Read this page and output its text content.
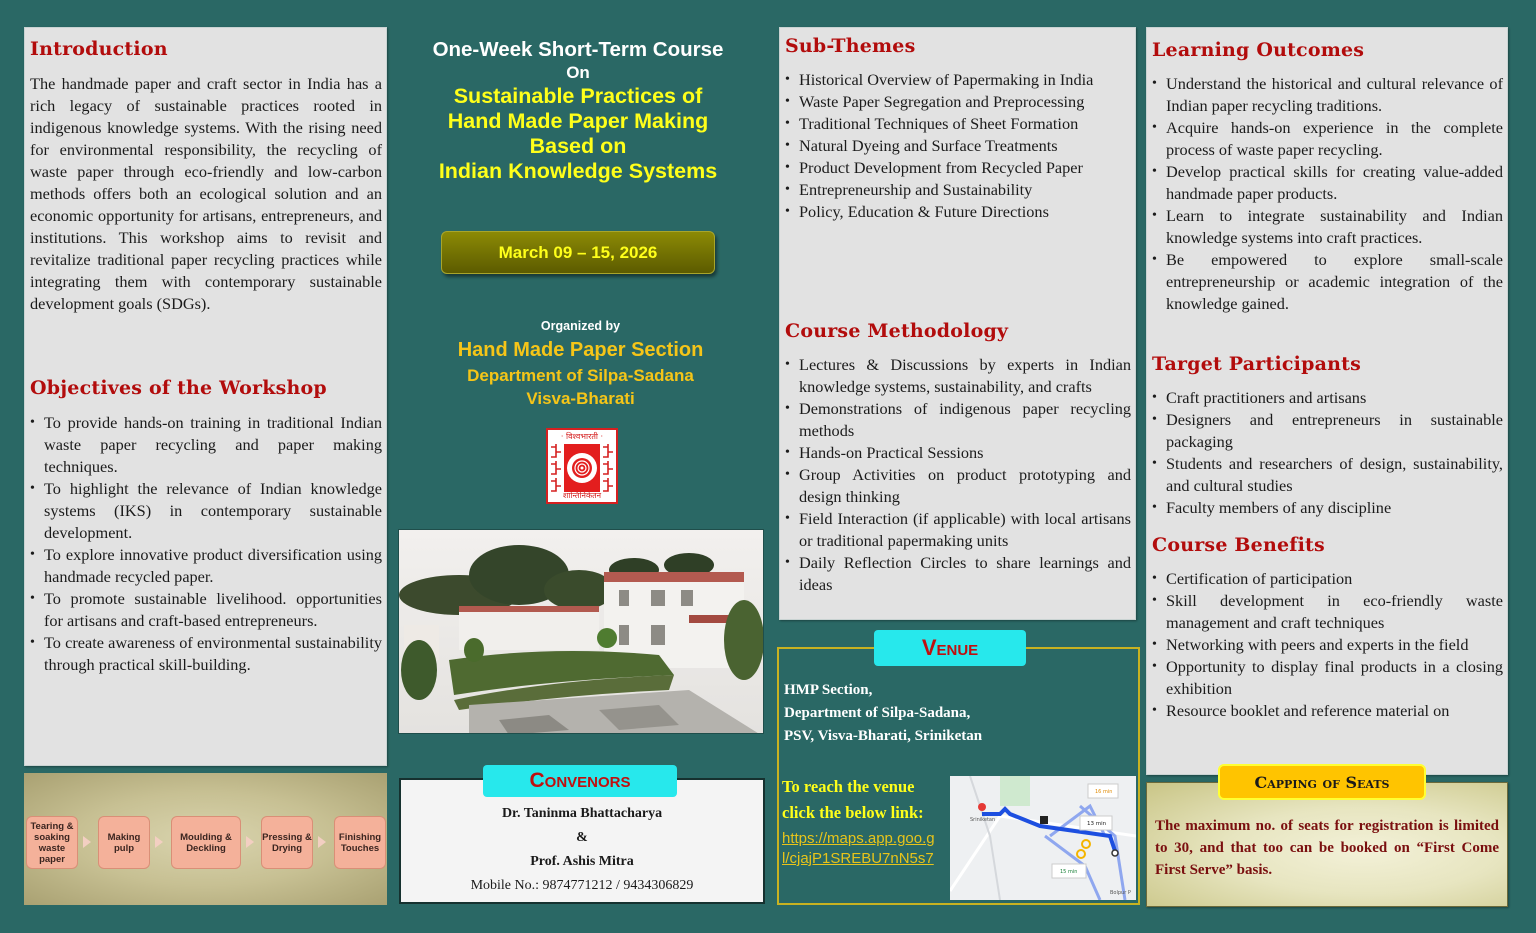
Introduction
The handmade paper and craft sector in India has a rich legacy of sustainable practices rooted in indigenous knowledge systems. With the rising need for environmental responsibility, the recycling of waste paper through eco-friendly and low-carbon methods offers both an ecological solution and an economic opportunity for artisans, entrepreneurs, and institutions. This workshop aims to revisit and revitalize traditional paper recycling practices while integrating them with contemporary sustainable development goals (SDGs).
Objectives of the Workshop
• To provide hands-on training in traditional Indian waste paper recycling and paper making techniques.
• To highlight the relevance of Indian knowledge systems (IKS) in contemporary sustainable development.
• To explore innovative product diversification using handmade recycled paper.
• To promote sustainable livelihood. opportunities for artisans and craft-based entrepreneurs.
• To create awareness of environmental sustainability through practical skill-building.
Tearing & soaking waste paper
Making pulp
Moulding & Deckling
Pressing & Drying
Finishing Touches
One-Week Short-Term Course
On
Sustainable Practices of
Hand Made Paper Making
Based on
Indian Knowledge Systems
March 09 – 15, 2026
Organized by
Hand Made Paper Section
Department of Silpa-Sadana
Visva-Bharati
· विश्वभारती ·
शान्तिनिकेतन
Dr. Taninma Bhattacharya
&
Prof. Ashis Mitra
Mobile No.: 9874771212 / 9434306829
Convenors
Sub-Themes
• Historical Overview of Papermaking in India
• Waste Paper Segregation and Preprocessing
• Traditional Techniques of Sheet Formation
• Natural Dyeing and Surface Treatments
• Product Development from Recycled Paper
• Entrepreneurship and Sustainability
• Policy, Education & Future Directions
Course Methodology
• Lectures & Discussions by experts in Indian knowledge systems, sustainability, and crafts
• Demonstrations of indigenous paper recycling methods
• Hands-on Practical Sessions
• Group Activities on product prototyping and design thinking
• Field Interaction (if applicable) with local artisans or traditional papermaking units
• Daily Reflection Circles to share learnings and ideas
HMP Section,
Department of Silpa-Sadana,
PSV, Visva-Bharati, Sriniketan
To reach the venue
click the below link:
https://maps.app.goo.gl/cjajP1SREBU7nN5s7
16 min
13 min
15 min
Sriniketan
Bolpur P
Venue
Learning Outcomes
• Understand the historical and cultural relevance of Indian paper recycling traditions.
• Acquire hands-on experience in the complete process of waste paper recycling.
• Develop practical skills for creating value-added handmade paper products.
• Learn to integrate sustainability and Indian knowledge systems into craft practices.
• Be empowered to explore small-scale entrepreneurship or academic integration of the knowledge gained.
Target Participants
• Craft practitioners and artisans
• Designers and entrepreneurs in sustainable packaging
• Students and researchers of design, sustainability, and cultural studies
• Faculty members of any discipline
Course Benefits
• Certification of participation
• Skill development in eco-friendly waste management and craft techniques
• Networking with peers and experts in the field
• Opportunity to display final products in a closing exhibition
• Resource booklet and reference material on
The maximum no. of seats for registration is limited to 30, and that too can be booked on “First Come First Serve” basis.
Capping of Seats
